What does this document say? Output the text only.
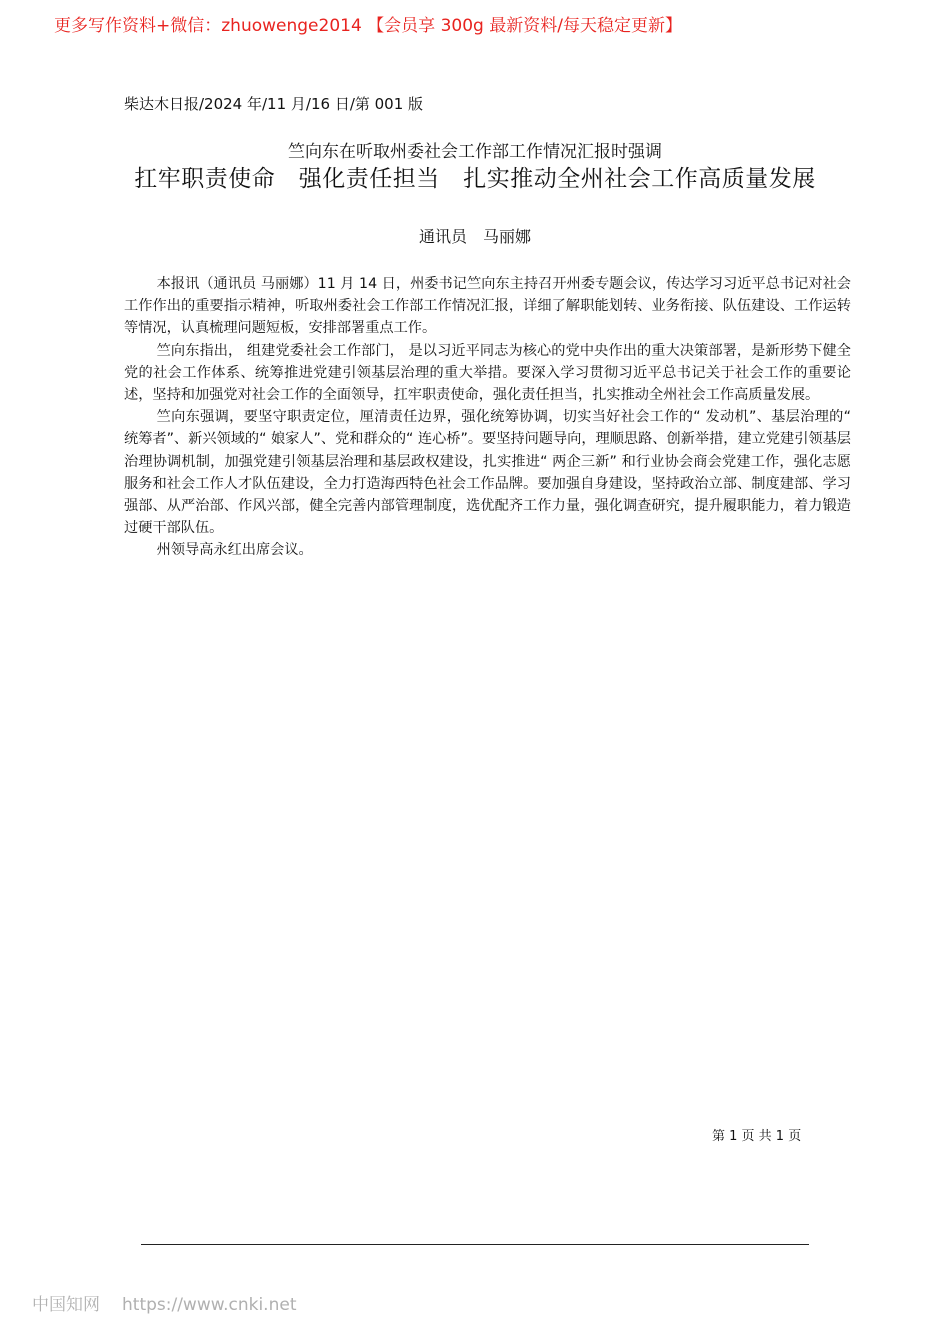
更多写作资料+微信：zhuowenge2014 【会员享 300g 最新资料/每天稳定更新】
柴达木日报/2024 年/11 月/16 日/第 001 版
竺向东在听取州委社会工作部工作情况汇报时强调
扛牢职责使命　强化责任担当　扎实推动全州社会工作高质量发展
通讯员　马丽娜

本报讯（通讯员 马丽娜）11 月 14 日，州委书记竺向东主持召开州委专题会议，传达学习习近平总书记对社会工作作出的重要指示精神，听取州委社会工作部工作情况汇报，详细了解职能划转、业务衔接、队伍建设、工作运转等情况，认真梳理问题短板，安排部署重点工作。

竺向东指出， 组建党委社会工作部门， 是以习近平同志为核心的党中央作出的重大决策部署，是新形势下健全党的社会工作体系、统筹推进党建引领基层治理的重大举措。要深入学习贯彻习近平总书记关于社会工作的重要论述，坚持和加强党对社会工作的全面领导，扛牢职责使命，强化责任担当，扎实推动全州社会工作高质量发展。

竺向东强调，要坚守职责定位，厘清责任边界，强化统筹协调，切实当好社会工作的“ 发动机”、基层治理的“ 统筹者”、新兴领域的“ 娘家人”、党和群众的“ 连心桥”。要坚持问题导向，理顺思路、创新举措，建立党建引领基层治理协调机制，加强党建引领基层治理和基层政权建设，扎实推进“ 两企三新” 和行业协会商会党建工作，强化志愿服务和社会工作人才队伍建设，全力打造海西特色社会工作品牌。要加强自身建设，坚持政治立部、制度建部、学习强部、从严治部、作风兴部，健全完善内部管理制度，选优配齐工作力量，强化调查研究，提升履职能力，着力锻造过硬干部队伍。

州领导高永红出席会议。

第 1 页 共 1 页
中国知网 https://www.cnki.net
